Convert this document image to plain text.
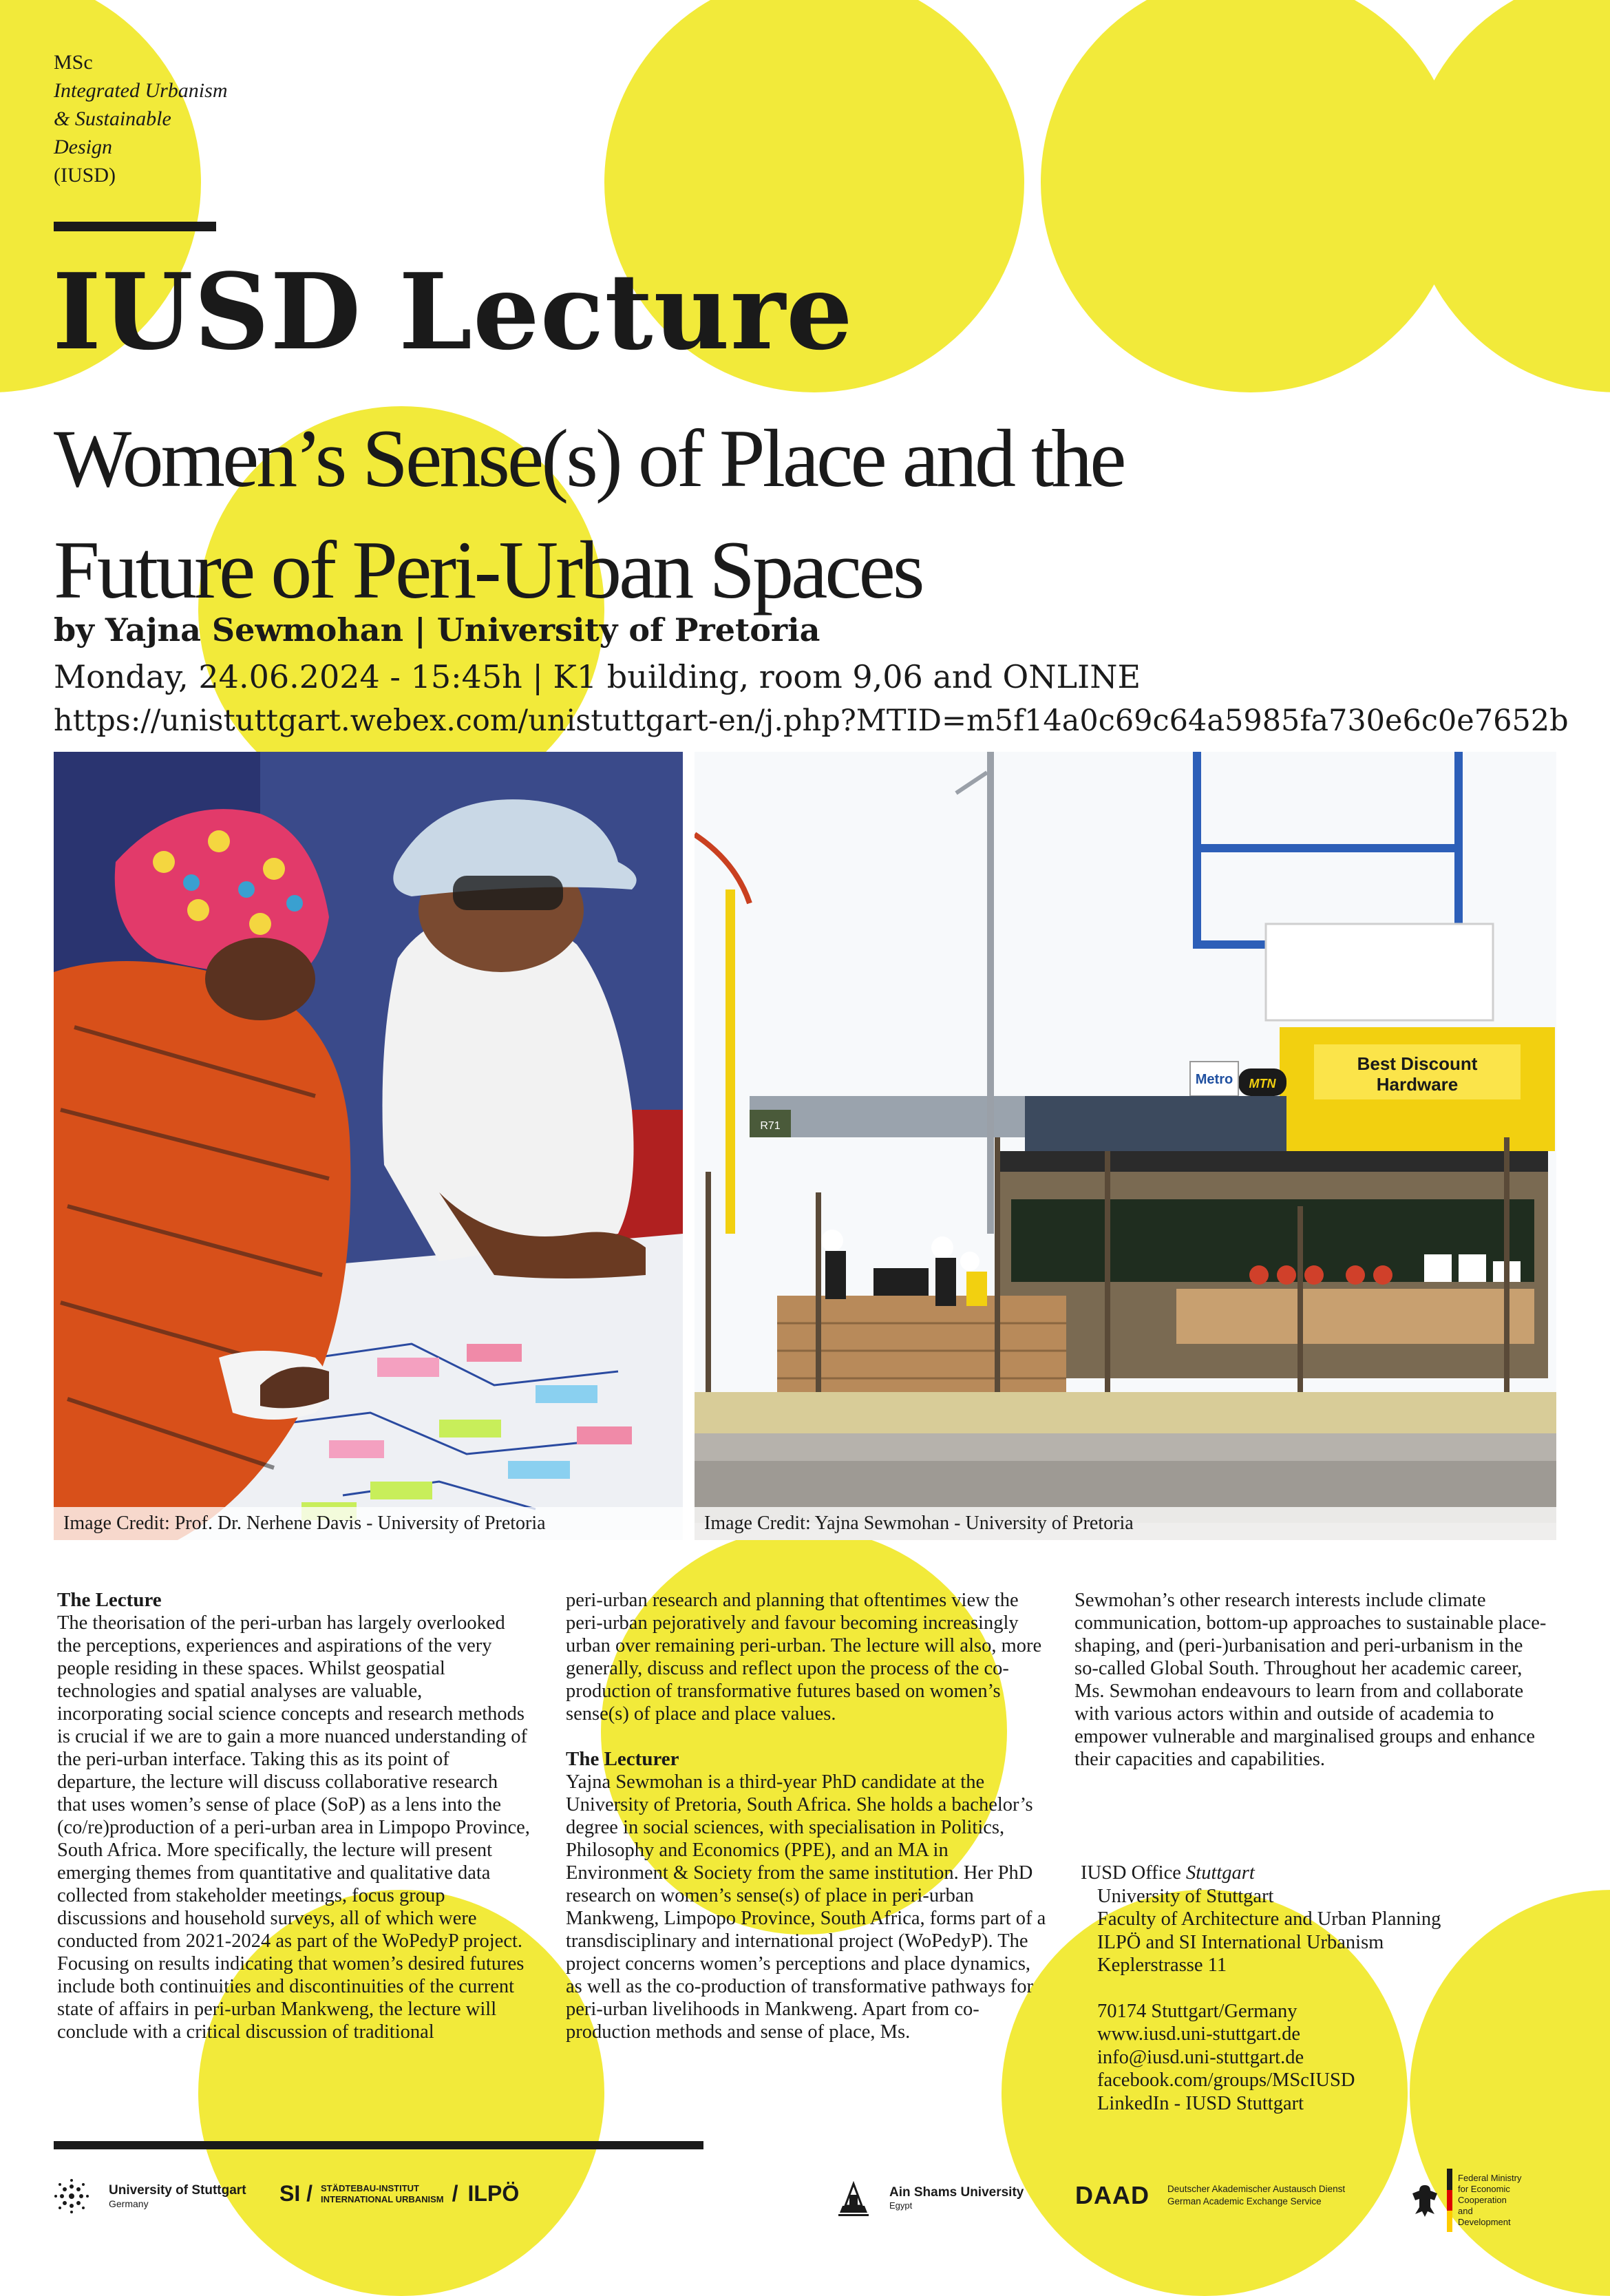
MSc
Integrated Urbanism
& Sustainable
Design
(IUSD)
IUSD Lecture
Women’s Sense(s) of Place and the
Future of Peri-Urban Spaces
by Yajna Sewmohan | University of Pretoria
Monday, 24.06.2024 - 15:45h | K1 building, room 9,06 and ONLINE
https://unistuttgart.webex.com/unistuttgart-en/j.php?MTID=m5f14a0c69c64a5985fa730e6c0e7652b
Image Credit: Prof. Dr. Nerhene Davis - University of Pretoria
Best Discount
Hardware
MTN
Metro
R71
Image Credit: Yajna Sewmohan - University of Pretoria
The Lecture

The theorisation of the peri-urban has largely overlooked the perceptions, experiences and aspirations of the very people residing in these spaces. Whilst geospatial technologies and spatial analyses are valuable, incorporating social science concepts and research methods is crucial if we are to gain a more nuanced understanding of the peri-urban interface. Taking this as its point of departure, the lecture will discuss collaborative research that uses women’s sense of place (SoP) as a lens into the (co/re)production of a peri-urban area in Limpopo Province, South Africa. More specifically, the lecture will present emerging themes from quantitative and qualitative data collected from stakeholder meetings, focus group discussions and household surveys, all of which were conducted from 2021-2024 as part of the WoPedyP project. Focusing on results indicating that women’s desired futures include both continuities and discontinuities of the current state of affairs in peri-urban Mankweng, the lecture will conclude with a critical discussion of traditional

peri-urban research and planning that oftentimes view the peri-urban pejoratively and favour becoming increasingly urban over remaining peri-urban. The lecture will also, more generally, discuss and reflect upon the process of the co-production of transformative futures based on women’s sense(s) of place and place values.

The Lecturer

Yajna Sewmohan is a third-year PhD candidate at the University of Pretoria, South Africa. She holds a bachelor’s degree in social sciences, with specialisation in Politics, Philosophy and Economics (PPE), and an MA in Environment & Society from the same institution. Her PhD research on women’s sense(s) of place in peri-urban Mankweng, Limpopo Province, South Africa, forms part of a transdisciplinary and international project (WoPedyP). The project concerns women’s perceptions and place dynamics, as well as the co-production of transformative pathways for peri-urban livelihoods in Mankweng. Apart from co-production methods and sense of place, Ms.

Sewmohan’s other research interests include climate communication, bottom-up approaches to sustainable place-shaping, and (peri-)urbanisation and peri-urbanism in the so-called Global South. Throughout her academic career, Ms. Sewmohan endeavours to learn from and collaborate with various actors within and outside of academia to empower vulnerable and marginalised groups and enhance their capacities and capabilities.

IUSD Office Stuttgart
University of Stuttgart
Faculty of Architecture and Urban Planning
ILPÖ and SI International Urbanism
Keplerstrasse 11
70174 Stuttgart/Germany
www.iusd.uni-stuttgart.de
info@iusd.uni-stuttgart.de
facebook.com/groups/MScIUSD
LinkedIn - IUSD Stuttgart
University of Stuttgart
Germany	SI / STÄDTEBAU-INSTITUT
INTERNATIONAL URBANISM / ILPÖ	Ain Shams University
Egypt	DAAD Deutscher Akademischer Austausch Dienst
German Academic Exchange Service
Federal Ministry
for Economic
Cooperation
and
Development
